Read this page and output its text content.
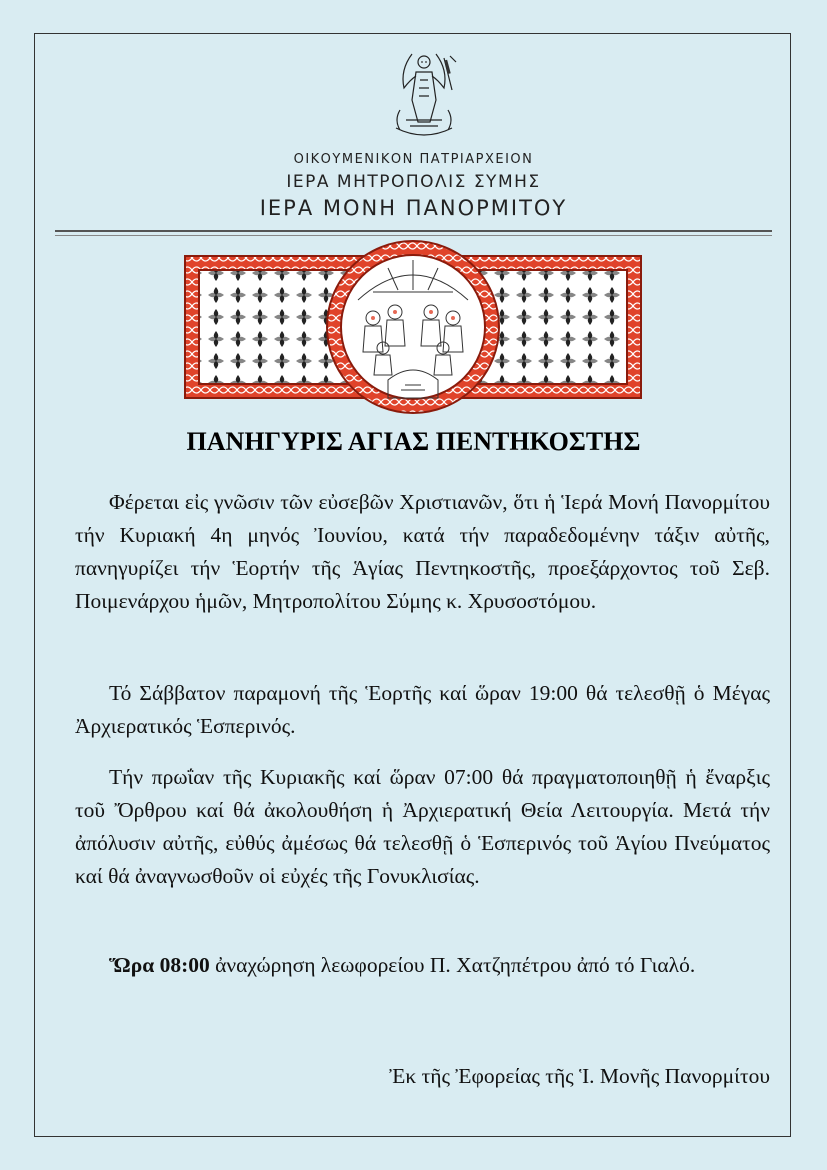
ΟΙΚΟΥΜΕΝΙΚΟΝ ΠΑΤΡΙΑΡΧΕΙΟΝ
ΙΕΡΑ ΜΗΤΡΟΠΟΛΙΣ ΣΥΜΗΣ
ΙΕΡΑ ΜΟΝΗ ΠΑΝΟΡΜΙΤΟΥ
ΠΑΝΗΓΥΡΙΣ ΑΓΙΑΣ ΠΕΝΤΗΚΟΣΤΗΣ
Φέρεται εἰς γνῶσιν τῶν εὐσεβῶν Χριστιανῶν, ὅτι ἡ Ἱερά Μονή Πανορμίτου τήν Κυριακή 4η μηνός Ἰουνίου, κατά τήν παραδεδομένην τάξιν αὐτῆς, πανηγυρίζει τήν Ἑορτήν τῆς Ἁγίας Πεντηκοστῆς, προεξάρχοντος τοῦ Σεβ. Ποιμενάρχου ἡμῶν, Μητροπολίτου Σύμης κ. Χρυσοστόμου.
Τό Σάββατον παραμονή τῆς Ἑορτῆς καί ὥραν 19:00 θά τελεσθῇ ὁ Μέγας Ἀρχιερατικός Ἑσπερινός.
Τήν πρωΐαν τῆς Κυριακῆς καί ὥραν 07:00 θά πραγματοποιηθῇ ἡ ἔναρξις τοῦ Ὄρθρου καί θά ἀκολουθήση ἡ Ἀρχιερατική Θεία Λειτουργία. Μετά τήν ἀπόλυσιν αὐτῆς, εὐθύς ἀμέσως θά τελεσθῇ ὁ Ἑσπερινός τοῦ Ἁγίου Πνεύματος καί θά ἀναγνωσθοῦν οἱ εὐχές τῆς Γονυκλισίας.
Ὥρα 08:00 ἀναχώρηση λεωφορείου Π. Χατζηπέτρου ἀπό τό Γιαλό.
Ἐκ τῆς Ἐφορείας τῆς Ἱ. Μονῆς Πανορμίτου
